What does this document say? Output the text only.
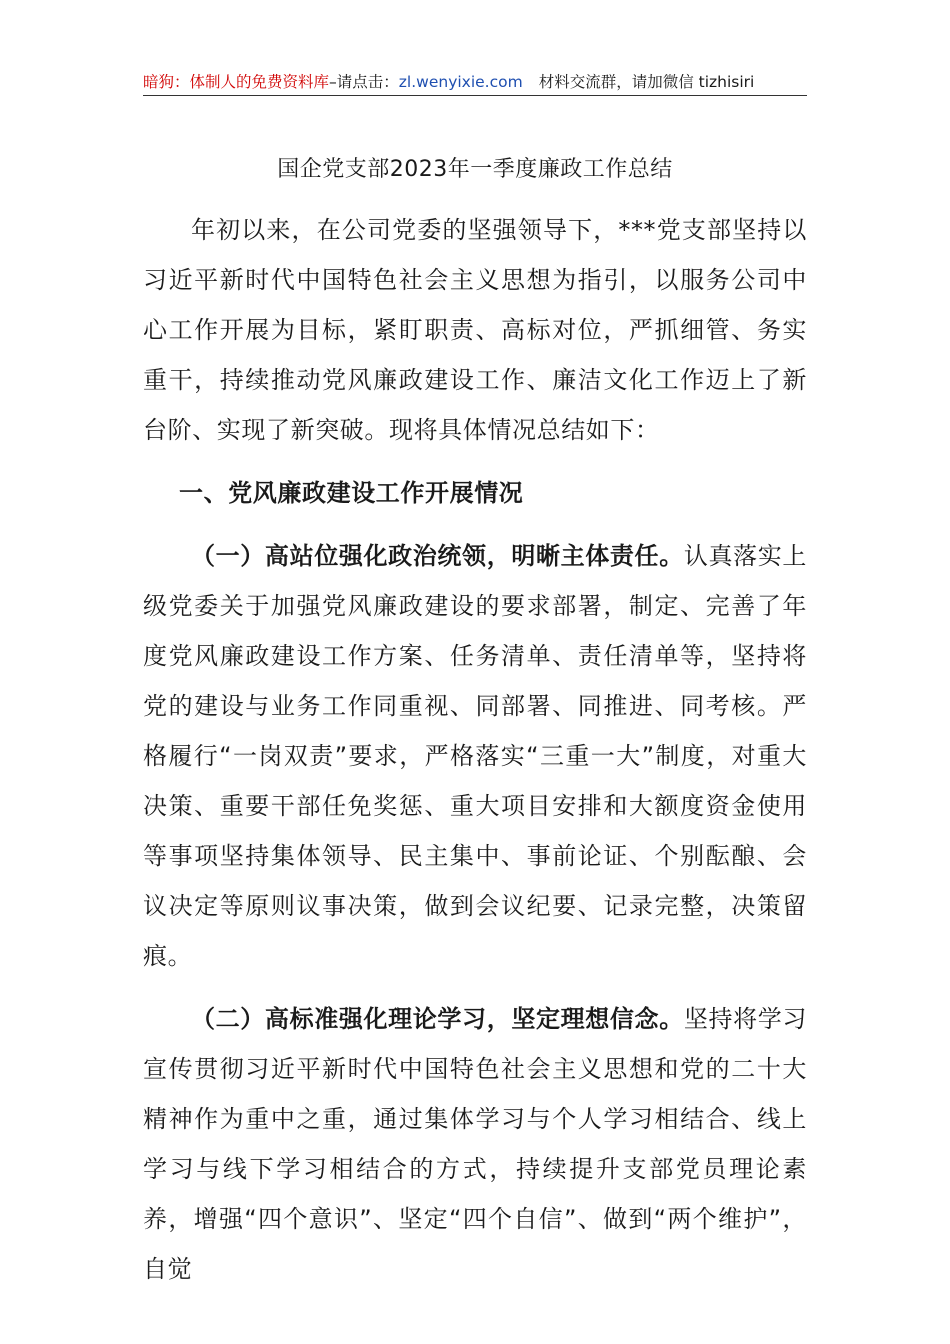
暗狗：体制人的免费资料库–请点击：zl.wenyixie.com 材料交流群，请加微信 tizhisiri
国企党支部2023年一季度廉政工作总结

年初以来，在公司党委的坚强领导下，***党支部坚持以习近平新时代中国特色社会主义思想为指引，以服务公司中心工作开展为目标，紧盯职责、高标对位，严抓细管、务实重干，持续推动党风廉政建设工作、廉洁文化工作迈上了新台阶、实现了新突破。现将具体情况总结如下：

一、党风廉政建设工作开展情况

（一）高站位强化政治统领，明晰主体责任。认真落实上级党委关于加强党风廉政建设的要求部署，制定、完善了年度党风廉政建设工作方案、任务清单、责任清单等，坚持将党的建设与业务工作同重视、同部署、同推进、同考核。严格履行“一岗双责”要求，严格落实“三重一大”制度，对重大决策、重要干部任免奖惩、重大项目安排和大额度资金使用等事项坚持集体领导、民主集中、事前论证、个别酝酿、会议决定等原则议事决策，做到会议纪要、记录完整，决策留痕。

（二）高标准强化理论学习，坚定理想信念。坚持将学习宣传贯彻习近平新时代中国特色社会主义思想和党的二十大精神作为重中之重，通过集体学习与个人学习相结合、线上学习与线下学习相结合的方式，持续提升支部党员理论素养，增强“四个意识”、坚定“四个自信”、做到“两个维护”，自觉
